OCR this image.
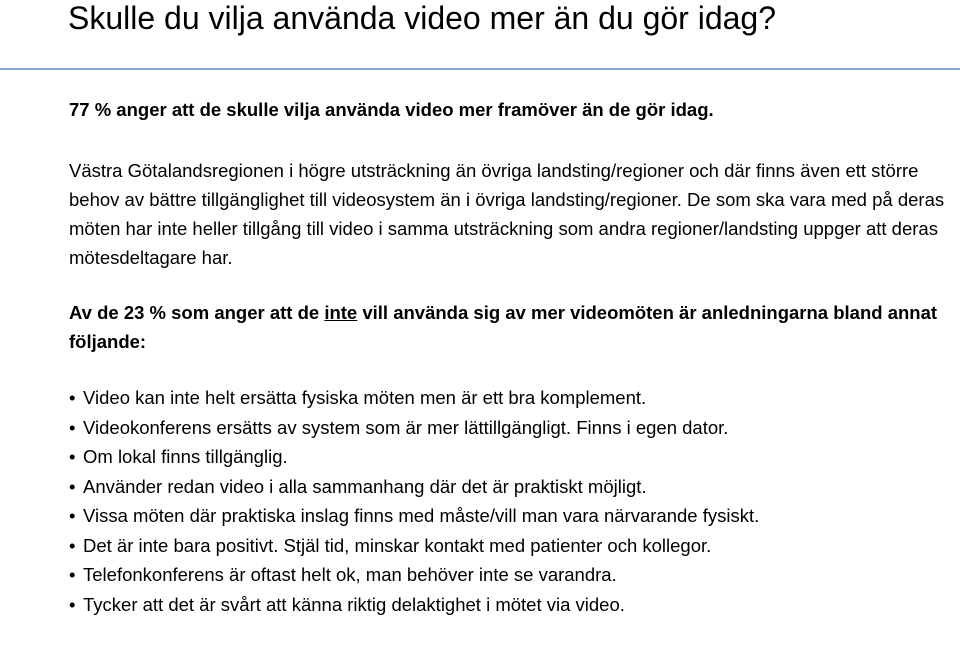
Skulle du vilja använda video mer än du gör idag?

77 % anger att de skulle vilja använda video mer framöver än de gör idag.

Västra Götalandsregionen i högre utsträckning än övriga landsting/regioner och där finns även ett större behov av bättre tillgänglighet till videosystem än i övriga landsting/regioner. De som ska vara med på deras möten har inte heller tillgång till video i samma utsträckning som andra regioner/landsting uppger att deras mötesdeltagare har.

Av de 23 % som anger att de inte vill använda sig av mer videomöten är anledningarna bland annat följande:

• Video kan inte helt ersätta fysiska möten men är ett bra komplement.
• Videokonferens ersätts av system som är mer lättillgängligt. Finns i egen dator.
• Om lokal finns tillgänglig.
• Använder redan video i alla sammanhang där det är praktiskt möjligt.
• Vissa möten där praktiska inslag finns med måste/vill man vara närvarande fysiskt.
• Det är inte bara positivt. Stjäl tid, minskar kontakt med patienter och kollegor.
• Telefonkonferens är oftast helt ok, man behöver inte se varandra.
• Tycker att det är svårt att känna riktig delaktighet i mötet via video.
